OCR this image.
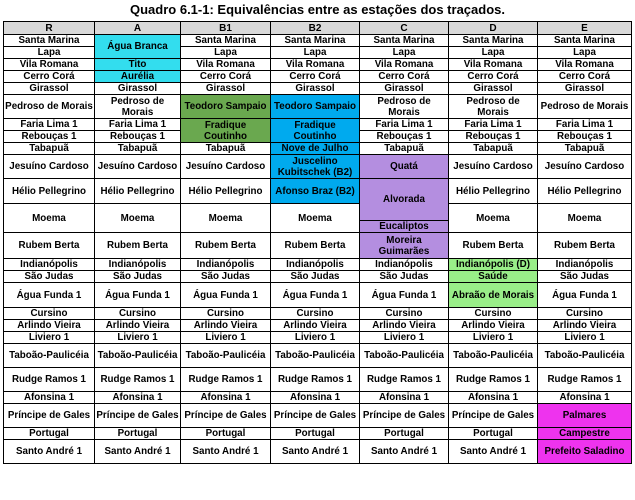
Quadro 6.1-1: Equivalências entre as estações dos traçados.
R	A	B1	B2	C	D	E
Santa Marina	Água Branca	Santa Marina	Santa Marina	Santa Marina	Santa Marina	Santa Marina
Lapa		Lapa	Lapa	Lapa	Lapa	Lapa
Vila Romana	Tito	Vila Romana	Vila Romana	Vila Romana	Vila Romana	Vila Romana
Cerro Corá	Aurélia	Cerro Corá	Cerro Corá	Cerro Corá	Cerro Corá	Cerro Corá
Girassol	Girassol	Girassol	Girassol	Girassol	Girassol	Girassol
Pedroso de Morais	Pedroso de Morais	Teodoro Sampaio	Teodoro Sampaio	Pedroso de Morais	Pedroso de Morais	Pedroso de Morais
Faria Lima 1	Faria Lima 1	Fradique Coutinho	Fradique Coutinho	Faria Lima 1	Faria Lima 1	Faria Lima 1
Rebouças 1	Rebouças 1			Rebouças 1	Rebouças 1	Rebouças 1
Tabapuã	Tabapuã	Tabapuã	Nove de Julho	Tabapuã	Tabapuã	Tabapuã
Jesuíno Cardoso	Jesuíno Cardoso	Jesuíno Cardoso	Juscelino Kubitschek (B2)	Quatá	Jesuíno Cardoso	Jesuíno Cardoso
Hélio Pellegrino	Hélio Pellegrino	Hélio Pellegrino	Afonso Braz (B2)	Alvorada	Hélio Pellegrino	Hélio Pellegrino
Moema	Moema	Moema	Moema		Moema	Moema
				Eucaliptos		
Rubem Berta	Rubem Berta	Rubem Berta	Rubem Berta	Moreira Guimarães	Rubem Berta	Rubem Berta
Indianópolis	Indianópolis	Indianópolis	Indianópolis	Indianópolis	Indianópolis (D)	Indianópolis
São Judas	São Judas	São Judas	São Judas	São Judas	Saúde	São Judas
Água Funda 1	Água Funda 1	Água Funda 1	Água Funda 1	Água Funda 1	Abraão de Morais	Água Funda 1
Cursino	Cursino	Cursino	Cursino	Cursino	Cursino	Cursino
Arlindo Vieira	Arlindo Vieira	Arlindo Vieira	Arlindo Vieira	Arlindo Vieira	Arlindo Vieira	Arlindo Vieira
Liviero 1	Liviero 1	Liviero 1	Liviero 1	Liviero 1	Liviero 1	Liviero 1
Taboão-Paulicéia	Taboão-Paulicéia	Taboão-Paulicéia	Taboão-Paulicéia	Taboão-Paulicéia	Taboão-Paulicéia	Taboão-Paulicéia
Rudge Ramos 1	Rudge Ramos 1	Rudge Ramos 1	Rudge Ramos 1	Rudge Ramos 1	Rudge Ramos 1	Rudge Ramos 1
Afonsina 1	Afonsina 1	Afonsina 1	Afonsina 1	Afonsina 1	Afonsina 1	Afonsina 1
Príncipe de Gales	Príncipe de Gales	Príncipe de Gales	Príncipe de Gales	Príncipe de Gales	Príncipe de Gales	Palmares
Portugal	Portugal	Portugal	Portugal	Portugal	Portugal	Campestre
Santo André 1	Santo André 1	Santo André 1	Santo André 1	Santo André 1	Santo André 1	Prefeito Saladino
